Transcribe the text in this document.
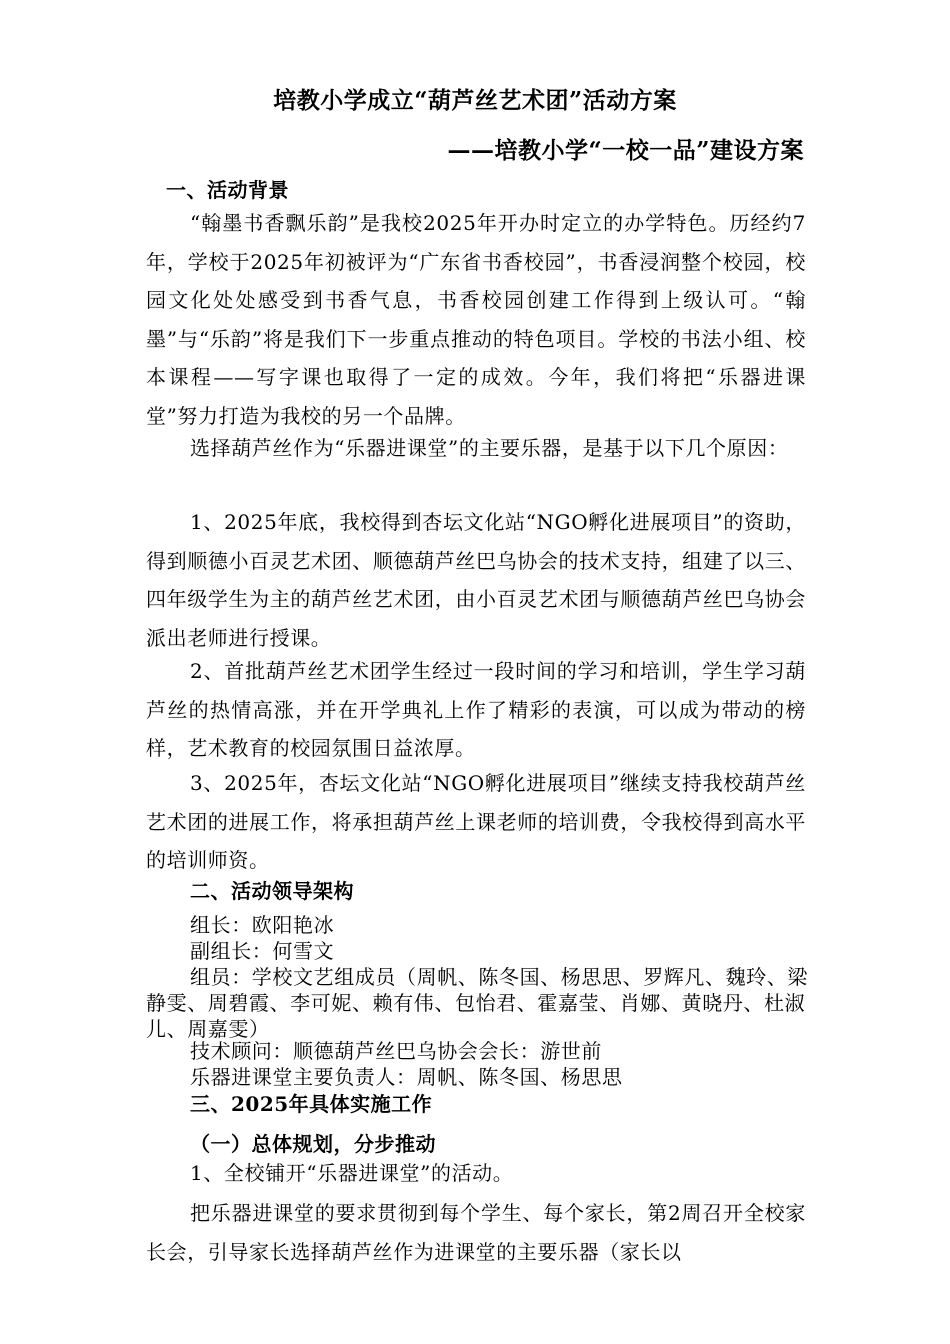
培教小学成立“葫芦丝艺术团”活动方案
——培教小学“一校一品”建设方案
一、活动背景

“翰墨书香飘乐韵”是我校2025年开办时定立的办学特色。历经约7年，学校于2025年初被评为“广东省书香校园”，书香浸润整个校园，校园文化处处感受到书香气息，书香校园创建工作得到上级认可。“翰墨”与“乐韵”将是我们下一步重点推动的特色项目。学校的书法小组、校本课程——写字课也取得了一定的成效。今年，我们将把“乐器进课堂”努力打造为我校的另一个品牌。

选择葫芦丝作为“乐器进课堂”的主要乐器，是基于以下几个原因：

1、2025年底，我校得到杏坛文化站“NGO孵化进展项目”的资助，得到顺德小百灵艺术团、顺德葫芦丝巴乌协会的技术支持，组建了以三、四年级学生为主的葫芦丝艺术团，由小百灵艺术团与顺德葫芦丝巴乌协会派出老师进行授课。

2、首批葫芦丝艺术团学生经过一段时间的学习和培训，学生学习葫芦丝的热情高涨，并在开学典礼上作了精彩的表演，可以成为带动的榜样，艺术教育的校园氛围日益浓厚。

3、2025年，杏坛文化站“NGO孵化进展项目”继续支持我校葫芦丝艺术团的进展工作，将承担葫芦丝上课老师的培训费，令我校得到高水平的培训师资。

二、活动领导架构

组长：欧阳艳冰

副组长：何雪文

组员：学校文艺组成员（周帆、陈冬国、杨思思、罗辉凡、魏玲、梁静雯、周碧霞、李可妮、赖有伟、包怡君、霍嘉莹、肖娜、黄晓丹、杜淑儿、周嘉雯）

技术顾问：顺德葫芦丝巴乌协会会长：游世前

乐器进课堂主要负责人：周帆、陈冬国、杨思思

三、2025年具体实施工作
（一）总体规划，分步推动

1、全校铺开“乐器进课堂”的活动。

把乐器进课堂的要求贯彻到每个学生、每个家长，第2周召开全校家长会，引导家长选择葫芦丝作为进课堂的主要乐器（家长以
